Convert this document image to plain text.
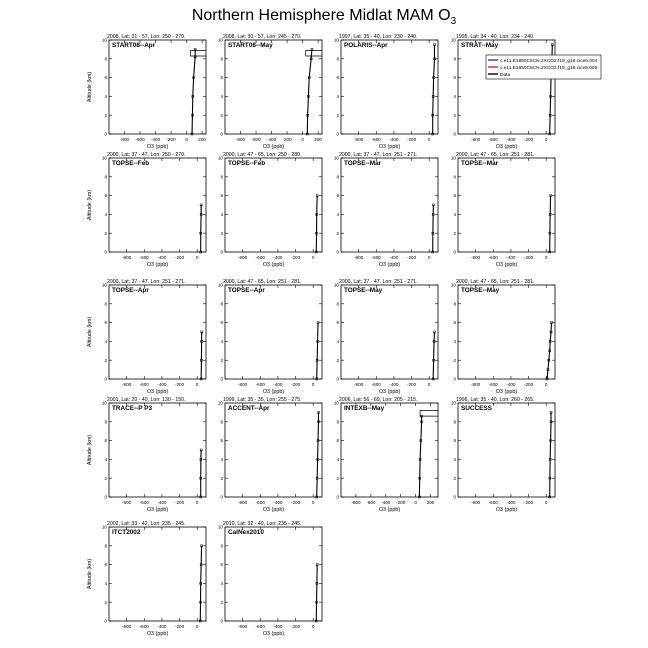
Northern Hemisphere Midlat MAM $O_3$
2008, Lat: 31 - 57, Lon: 250 - 270.
START08--Apr
-800 -600 -400 -200 0 200
0
2
4
6
8
10
O3 (ppb)
Altitude (km)
2008, Lat: 30 - 57, Lon: 245 - 270.
START08--May
-800 -600 -400 -200 0 200
0
2
4
6
8
10
O3 (ppb)
1997, Lat: 35 - 40, Lon: 230 - 240.
POLARIS--Apr
-800 -600 -400 -200	0
0
2
4
6
8
10
O3 (ppb)
1995, Lat: 34 - 40, Lon: 234 - 240.
STRAT--May
-800 -600 -400 -200	0
0
2
4
6
8
10
O3 (ppb)
2000, Lat: 37 - 47, Lon: 250 - 270.
TOPSE--Feb
-800 -600 -400 -200	0
0
2
4
6
8
10
O3 (ppb)
Altitude (km)
2000, Lat: 47 - 65, Lon: 250 - 280.
TOPSE--Feb
-800 -600 -400 -200	0
0
2
4
6
8
10
O3 (ppb)
2000, Lat: 37 - 47, Lon: 251 - 271.
TOPSE--Mar
-800 -600 -400 -200	0
0
2
4
6
8
10
O3 (ppb)
2000, Lat: 47 - 65, Lon: 251 - 281.
TOPSE--Mar
-800 -600 -400 -200	0
0
2
4
6
8
10
O3 (ppb)
2000, Lat: 37 - 47, Lon: 251 - 271.
TOPSE--Apr
-800 -600 -400 -200	0
0
2
4
6
8
10
O3 (ppb)
Altitude (km)
2000, Lat: 47 - 65, Lon: 251 - 281.
TOPSE--Apr
-800 -600 -400 -200	0
0
2
4
6
8
10
O3 (ppb)
2000, Lat: 37 - 47, Lon: 251 - 271.
TOPSE--May
-800 -600 -400 -200	0
0
2
4
6
8
10
O3 (ppb)
2000, Lat: 47 - 65, Lon: 251 - 281.
TOPSE--May
-800 -600 -400 -200	0
0
2
4
6
8
10
O3 (ppb)
2001, Lat: 20 - 40, Lon: 130 - 150.
TRACE--P P3
-800 -600 -400 -200	0
0
2
4
6
8
10
O3 (ppb)
Altitude (km)
1999, Lat: 35 - 35, Lon: 255 - 275.
ACCENT--Apr
-800 -600 -400 -200	0
0
2
4
6
8
10
O3 (ppb)
2006, Lat: 56 - 69, Lon: 205 - 215.
INTEXB--May
-800 -600 -400 -200 0 200
0
2
4
6
8
10
O3 (ppb)
1996, Lat: 35 - 40, Lon: 260 - 265.
SUCCESS
-800 -600 -400 -200	0
0
2
4
6
8
10
O3 (ppb)
2002, Lat: 33 - 42, Lon: 235 - 245.
ITCT2002
-800 -600 -400 -200	0
0
2
4
6
8
10
O3 (ppb)
Altitude (km)
2010, Lat: 32 - 40, Lon: 235 - 245.
CalNex2010
-800 -600 -400 -200	0
0
2
4
6
8
10
O3 (ppb)
c.e11.E1850C5CN.2XCO2.f19_g16.cice6.004
c.e11.E1850C5CN.2XCO2.f19_g16.cice5.005
Data
